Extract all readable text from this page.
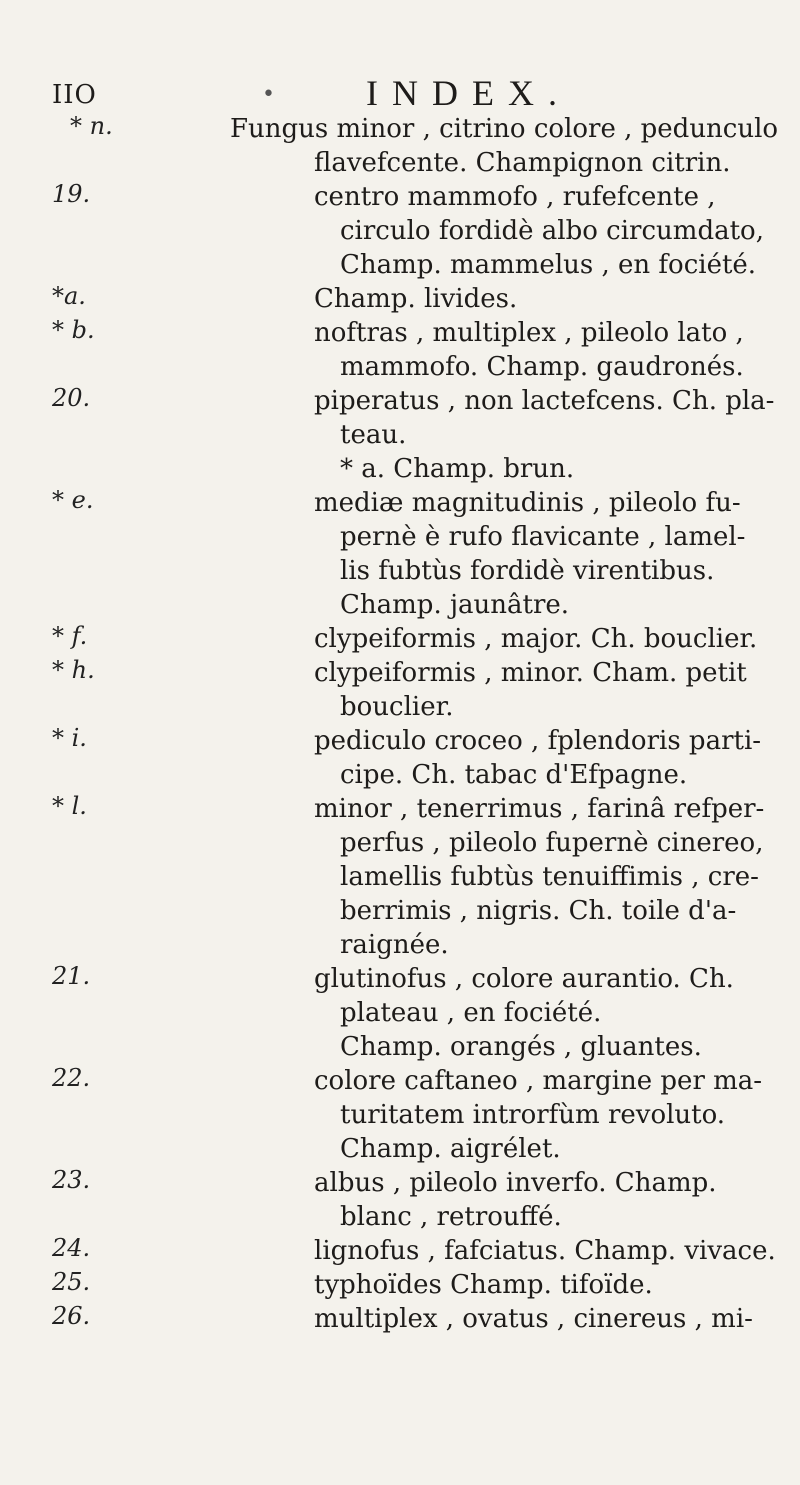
IIO	•	INDEX.
* n.	Fungus minor , citrino colore , pedunculo
flavefcente. Champignon citrin.
19.	centro mammofo , rufefcente ,
circulo fordidè albo circumdato,
Champ. mammelus , en fociété.
*a.	Champ. livides.
* b.	noftras , multiplex , pileolo lato ,
mammofo. Champ. gaudronés.
20.	piperatus , non lactefcens. Ch. pla-
teau.
* a. Champ. brun.
* e.	mediæ magnitudinis , pileolo fu-
pernè è rufo flavicante , lamel-
lis fubtùs fordidè virentibus.
Champ. jaunâtre.
* f.	clypeiformis , major. Ch. bouclier.
* h.	clypeiformis , minor. Cham. petit
bouclier.
* i.	pediculo croceo , fplendoris parti-
cipe. Ch. tabac d'Efpagne.
* l.	minor , tenerrimus , farinâ refper-
perfus , pileolo fupernè cinereo,
lamellis fubtùs tenuiffimis , cre-
berrimis , nigris. Ch. toile d'a-
raignée.
21.	glutinofus , colore aurantio. Ch.
plateau , en fociété.
Champ. orangés , gluantes.
22.	colore caftaneo , margine per ma-
turitatem introrfùm revoluto.
Champ. aigrélet.
23.	albus , pileolo inverfo. Champ.
blanc , retrouffé.
24.	lignofus , fafciatus. Champ. vivace.
25.	typhoïdes Champ. tifoïde.
26.	multiplex , ovatus , cinereus , mi-
